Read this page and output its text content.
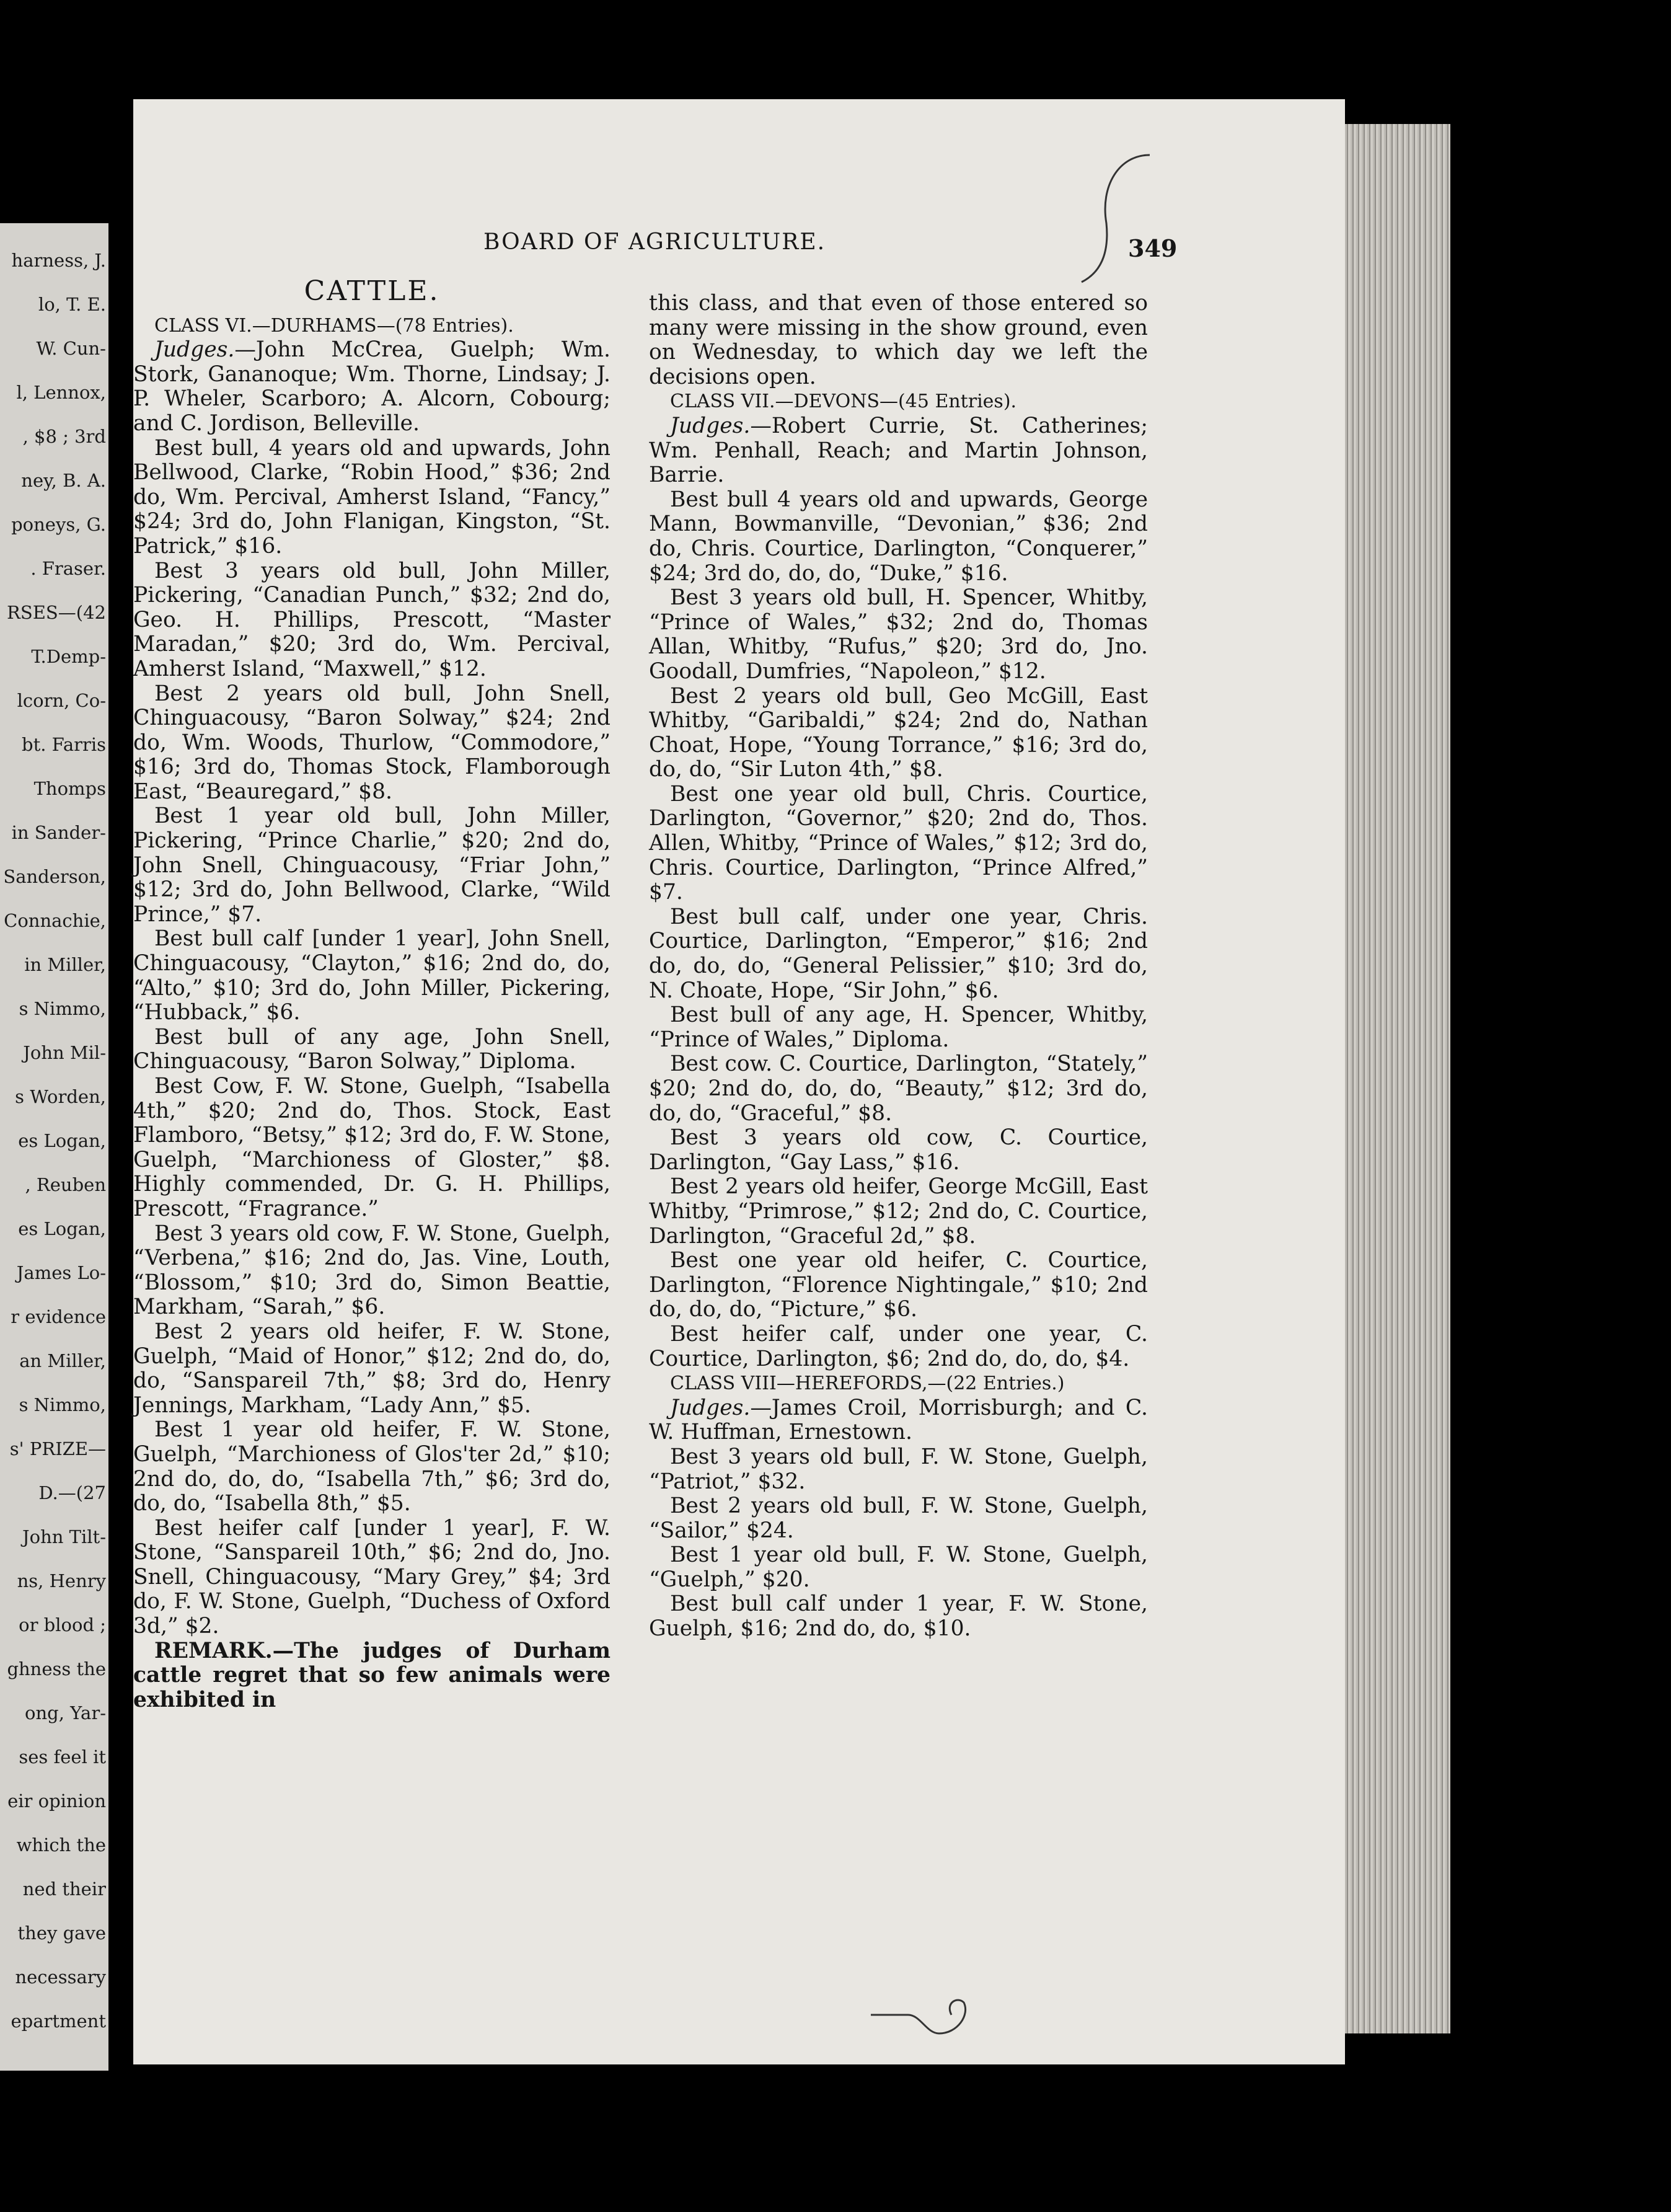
harness, J.
lo, T. E.
W. Cun-
l, Lennox,
, $8 ; 3rd
ney, B. A.
poneys, G.
. Fraser.
RSES—(42
T.Demp-
lcorn, Co-
bt. Farris
Thomps
in Sander-
Sanderson,
Connachie,
in Miller,
s Nimmo,
John Mil-
s Worden,
es Logan,
, Reuben
es Logan,
James Lo-
r evidence
an Miller,
s Nimmo,
s' PRIZE—
D.—(27
John Tilt-
ns, Henry
or blood ;
ghness the
ong, Yar-
ses feel it
eir opinion
which the
ned their
they gave
necessary
epartment
BOARD OF AGRICULTURE.	349
CATTLE.

CLASS VI.—DURHAMS—(78 Entries).

Judges.—John McCrea, Guelph; Wm. Stork, Gananoque; Wm. Thorne, Lindsay; J. P. Wheler, Scarboro; A. Alcorn, Cobourg; and C. Jordison, Belleville.

Best bull, 4 years old and upwards, John Bellwood, Clarke, “Robin Hood,” $36; 2nd do, Wm. Percival, Amherst Island, “Fancy,” $24; 3rd do, John Flanigan, Kingston, “St. Patrick,” $16.

Best 3 years old bull, John Miller, Pickering, “Canadian Punch,” $32; 2nd do, Geo. H. Phillips, Prescott, “Master Maradan,” $20; 3rd do, Wm. Percival, Amherst Island, “Maxwell,” $12.

Best 2 years old bull, John Snell, Chinguacousy, “Baron Solway,” $24; 2nd do, Wm. Woods, Thurlow, “Commodore,” $16; 3rd do, Thomas Stock, Flamborough East, “Beauregard,” $8.

Best 1 year old bull, John Miller, Pickering, “Prince Charlie,” $20; 2nd do, John Snell, Chinguacousy, “Friar John,” $12; 3rd do, John Bellwood, Clarke, “Wild Prince,” $7.

Best bull calf [under 1 year], John Snell, Chinguacousy, “Clayton,” $16; 2nd do, do, “Alto,” $10; 3rd do, John Miller, Pickering, “Hubback,” $6.

Best bull of any age, John Snell, Chinguacousy, “Baron Solway,” Diploma.

Best Cow, F. W. Stone, Guelph, “Isabella 4th,” $20; 2nd do, Thos. Stock, East Flamboro, “Betsy,” $12; 3rd do, F. W. Stone, Guelph, “Marchioness of Gloster,” $8. Highly commended, Dr. G. H. Phillips, Prescott, “Fragrance.”

Best 3 years old cow, F. W. Stone, Guelph, “Verbena,” $16; 2nd do, Jas. Vine, Louth, “Blossom,” $10; 3rd do, Simon Beattie, Markham, “Sarah,” $6.

Best 2 years old heifer, F. W. Stone, Guelph, “Maid of Honor,” $12; 2nd do, do, do, “Sanspareil 7th,” $8; 3rd do, Henry Jennings, Markham, “Lady Ann,” $5.

Best 1 year old heifer, F. W. Stone, Guelph, “Marchioness of Glos'ter 2d,” $10; 2nd do, do, do, “Isabella 7th,” $6; 3rd do, do, do, “Isabella 8th,” $5.

Best heifer calf [under 1 year], F. W. Stone, “Sanspareil 10th,” $6; 2nd do, Jno. Snell, Chinguacousy, “Mary Grey,” $4; 3rd do, F. W. Stone, Guelph, “Duchess of Oxford 3d,” $2.

REMARK.—The judges of Durham cattle regret that so few animals were exhibited in

this class, and that even of those entered so many were missing in the show ground, even on Wednesday, to which day we left the decisions open.

CLASS VII.—DEVONS—(45 Entries).

Judges.—Robert Currie, St. Catherines; Wm. Penhall, Reach; and Martin Johnson, Barrie.

Best bull 4 years old and upwards, George Mann, Bowmanville, “Devonian,” $36; 2nd do, Chris. Courtice, Darlington, “Conquerer,” $24; 3rd do, do, do, “Duke,” $16.

Best 3 years old bull, H. Spencer, Whitby, “Prince of Wales,” $32; 2nd do, Thomas Allan, Whitby, “Rufus,” $20; 3rd do, Jno. Goodall, Dumfries, “Napoleon,” $12.

Best 2 years old bull, Geo McGill, East Whitby, “Garibaldi,” $24; 2nd do, Nathan Choat, Hope, “Young Torrance,” $16; 3rd do, do, do, “Sir Luton 4th,” $8.

Best one year old bull, Chris. Courtice, Darlington, “Governor,” $20; 2nd do, Thos. Allen, Whitby, “Prince of Wales,” $12; 3rd do, Chris. Courtice, Darlington, “Prince Alfred,” $7.

Best bull calf, under one year, Chris. Courtice, Darlington, “Emperor,” $16; 2nd do, do, do, “General Pelissier,” $10; 3rd do, N. Choate, Hope, “Sir John,” $6.

Best bull of any age, H. Spencer, Whitby, “Prince of Wales,” Diploma.

Best cow. C. Courtice, Darlington, “Stately,” $20; 2nd do, do, do, “Beauty,” $12; 3rd do, do, do, “Graceful,” $8.

Best 3 years old cow, C. Courtice, Darlington, “Gay Lass,” $16.

Best 2 years old heifer, George McGill, East Whitby, “Primrose,” $12; 2nd do, C. Courtice, Darlington, “Graceful 2d,” $8.

Best one year old heifer, C. Courtice, Darlington, “Florence Nightingale,” $10; 2nd do, do, do, “Picture,” $6.

Best heifer calf, under one year, C. Courtice, Darlington, $6; 2nd do, do, do, $4.

CLASS VIII—HEREFORDS,—(22 Entries.)

Judges.—James Croil, Morrisburgh; and C. W. Huffman, Ernestown.

Best 3 years old bull, F. W. Stone, Guelph, “Patriot,” $32.

Best 2 years old bull, F. W. Stone, Guelph, “Sailor,” $24.

Best 1 year old bull, F. W. Stone, Guelph, “Guelph,” $20.

Best bull calf under 1 year, F. W. Stone, Guelph, $16; 2nd do, do, $10.
